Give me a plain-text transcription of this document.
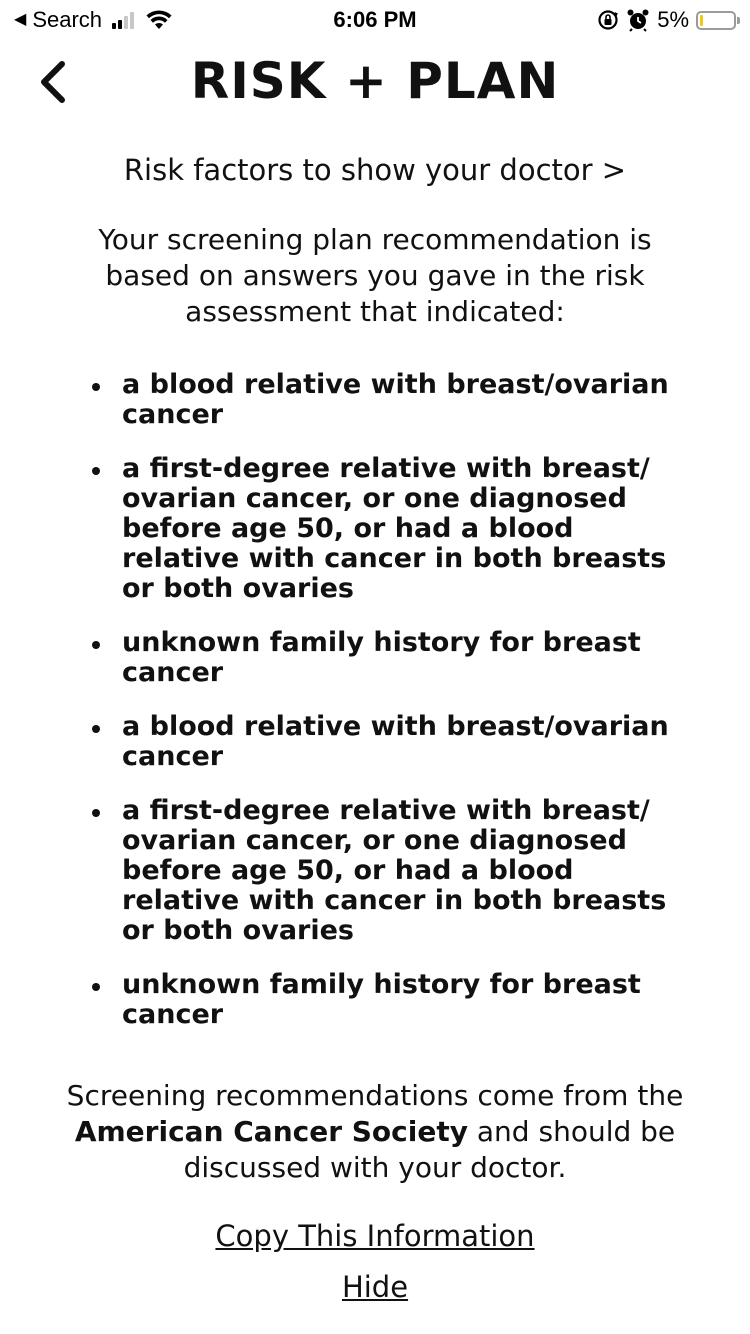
◀ Search	6:06 PM	5%
RISK + PLAN
Risk factors to show your doctor >

Your screening plan recommendation is based on answers you gave in the risk assessment that indicated:

a blood relative with breast/ovarian cancer
a first-degree relative with breast/ ovarian cancer, or one diagnosed before age 50, or had a blood relative with cancer in both breasts or both ovaries
unknown family history for breast cancer
a blood relative with breast/ovarian cancer
a first-degree relative with breast/ ovarian cancer, or one diagnosed before age 50, or had a blood relative with cancer in both breasts or both ovaries
unknown family history for breast cancer

Screening recommendations come from the American Cancer Society and should be discussed with your doctor.

Copy This Information
Hide
